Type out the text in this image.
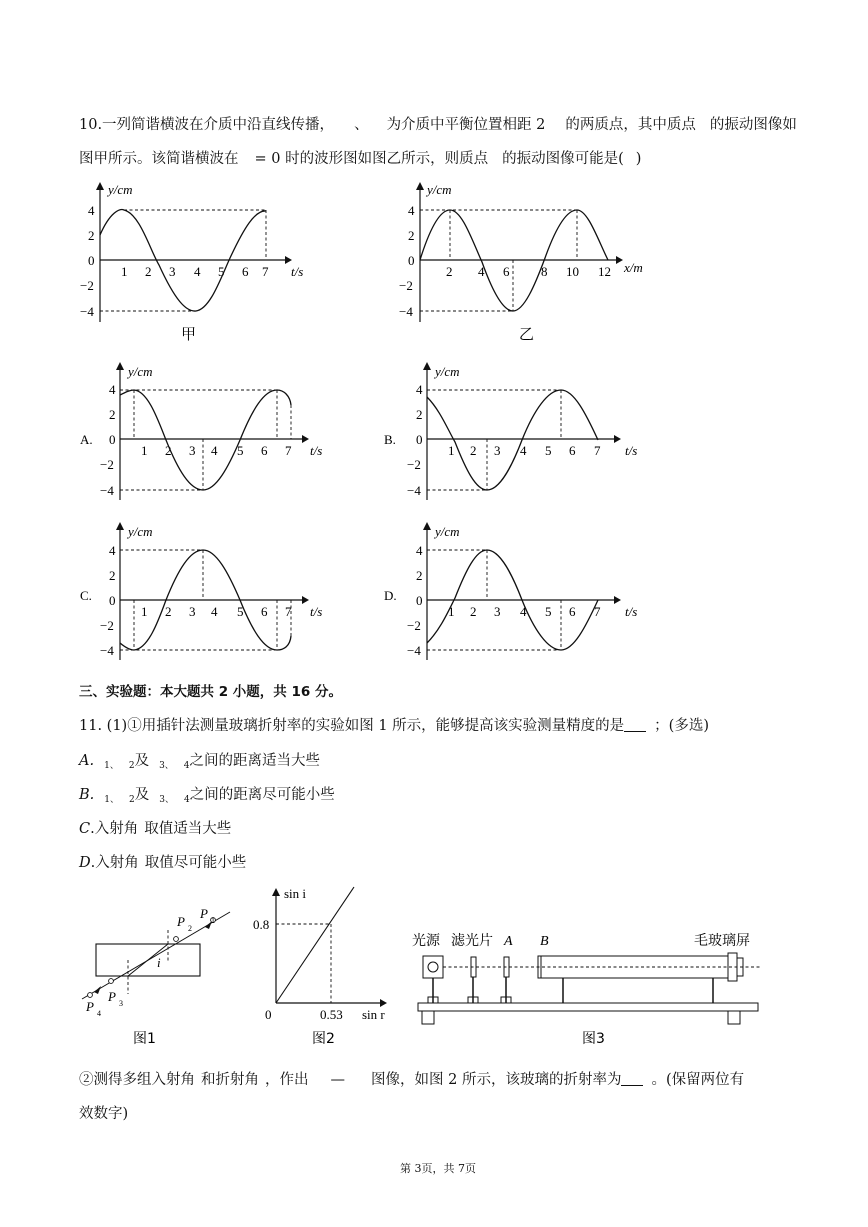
10.一列简谐横波在介质中沿直线传播， 、 为介质中平衡位置相距 2 的两质点，其中质点 的振动图像如
图甲所示。该简谐横波在 = 0 时的波形图如图乙所示，则质点 的振动图像可能是( )
y/cm
t/s
4
2
0
−2
−4
1 2 3 4 5 6 7
甲
y/cm
x/m
4
2
0
−2
−4
2 4 6 8 10 12
乙
A.
y/cm
t/s
4
2
0
−2
−4
1 2 3 4 5 6 7
B.
y/cm
t/s
4
2
0
−2
−4
1 2 3 4 5 6 7
C.
y/cm
t/s
4
2
0
−2
−4
1 2 3 4 5 6 7
D.
y/cm
t/s
4
2
0
−2
−4
1 2 3 4 5 6 7
三、实验题：本大题共 2 小题，共 16 分。
11. (1)①用插针法测量玻璃折射率的实验如图 1 所示，能够提高该实验测量精度的是 ；(多选)
A. $_{1、}$ $_2$及 $_{3、}$ $_4$之间的距离适当大些
B. $_{1、}$ $_2$及 $_{3、}$ $_4$之间的距离尽可能小些
C.入射角 取值适当大些
D.入射角 取值尽可能小些
P 1
P 2
P 3
P 4
i
图1
sin i
0.8
0.53
0	sin r
图2
光源 滤光片 A B	毛玻璃屏
图3
②测得多组入射角 和折射角 ，作出 — 图像，如图 2 所示，该玻璃的折射率为 。(保留两位有
效数字)
第 3页，共 7页
